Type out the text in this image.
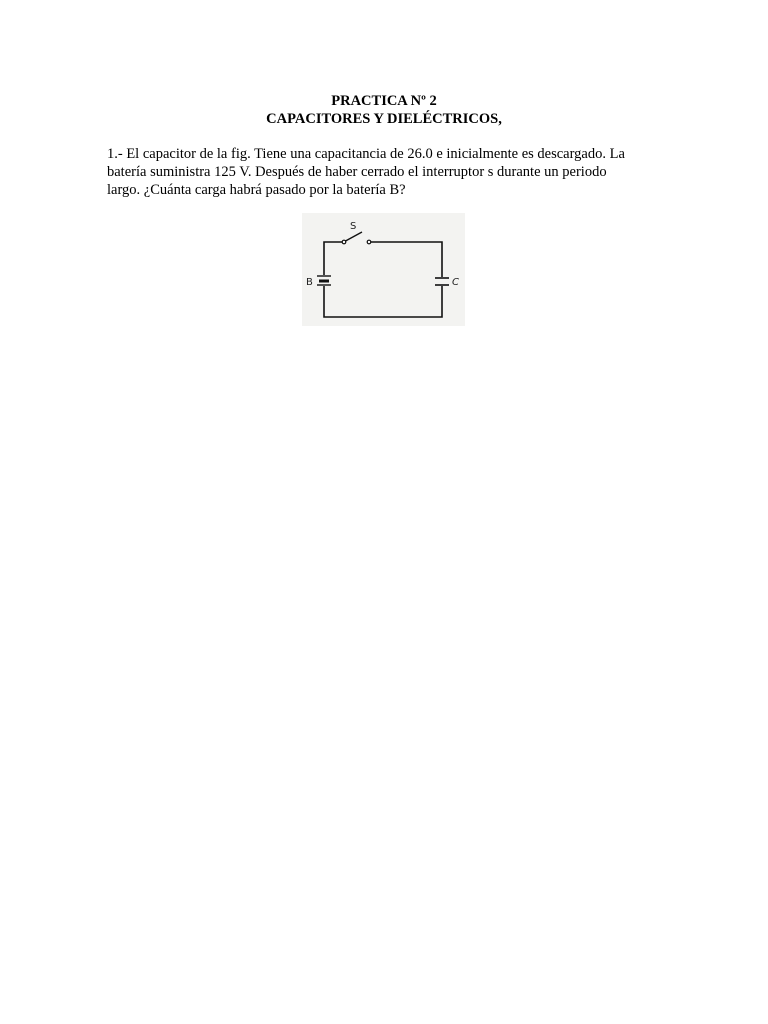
PRACTICA Nº 2
CAPACITORES Y DIELÉCTRICOS,
1.- El capacitor de la fig. Tiene una capacitancia de 26.0 e inicialmente es descargado. La
batería suministra 125 V. Después de haber cerrado el interruptor s durante un periodo
largo. ¿Cuánta carga habrá pasado por la batería B?
S
B	C
